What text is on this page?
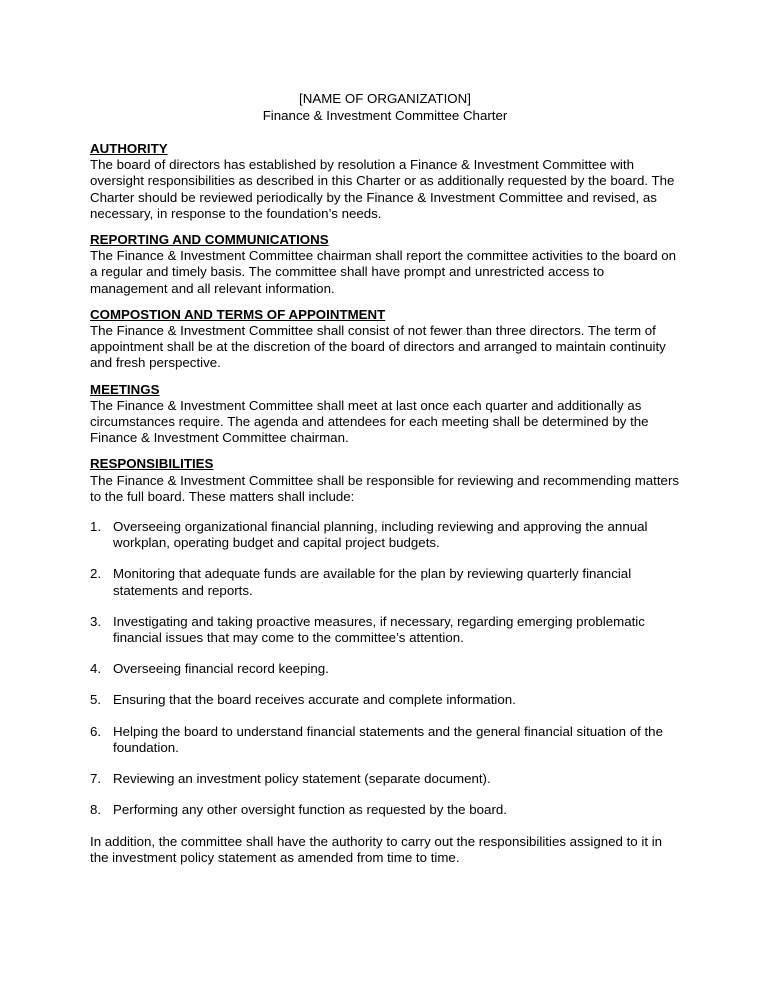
[NAME OF ORGANIZATION]
Finance & Investment Committee Charter
AUTHORITY
The board of directors has established by resolution a Finance & Investment Committee with oversight responsibilities as described in this Charter or as additionally requested by the board. The Charter should be reviewed periodically by the Finance & Investment Committee and revised, as necessary, in response to the foundation’s needs.
REPORTING AND COMMUNICATIONS
The Finance & Investment Committee chairman shall report the committee activities to the board on a regular and timely basis. The committee shall have prompt and unrestricted access to management and all relevant information.
COMPOSTION AND TERMS OF APPOINTMENT
The Finance & Investment Committee shall consist of not fewer than three directors. The term of appointment shall be at the discretion of the board of directors and arranged to maintain continuity and fresh perspective.
MEETINGS
The Finance & Investment Committee shall meet at last once each quarter and additionally as circumstances require. The agenda and attendees for each meeting shall be determined by the Finance & Investment Committee chairman.
RESPONSIBILITIES
The Finance & Investment Committee shall be responsible for reviewing and recommending matters to the full board. These matters shall include:
1. Overseeing organizational financial planning, including reviewing and approving the annual workplan, operating budget and capital project budgets.
2. Monitoring that adequate funds are available for the plan by reviewing quarterly financial statements and reports.
3. Investigating and taking proactive measures, if necessary, regarding emerging problematic financial issues that may come to the committee’s attention.
4. Overseeing financial record keeping.
5. Ensuring that the board receives accurate and complete information.
6. Helping the board to understand financial statements and the general financial situation of the foundation.
7. Reviewing an investment policy statement (separate document).
8. Performing any other oversight function as requested by the board.
In addition, the committee shall have the authority to carry out the responsibilities assigned to it in the investment policy statement as amended from time to time.
